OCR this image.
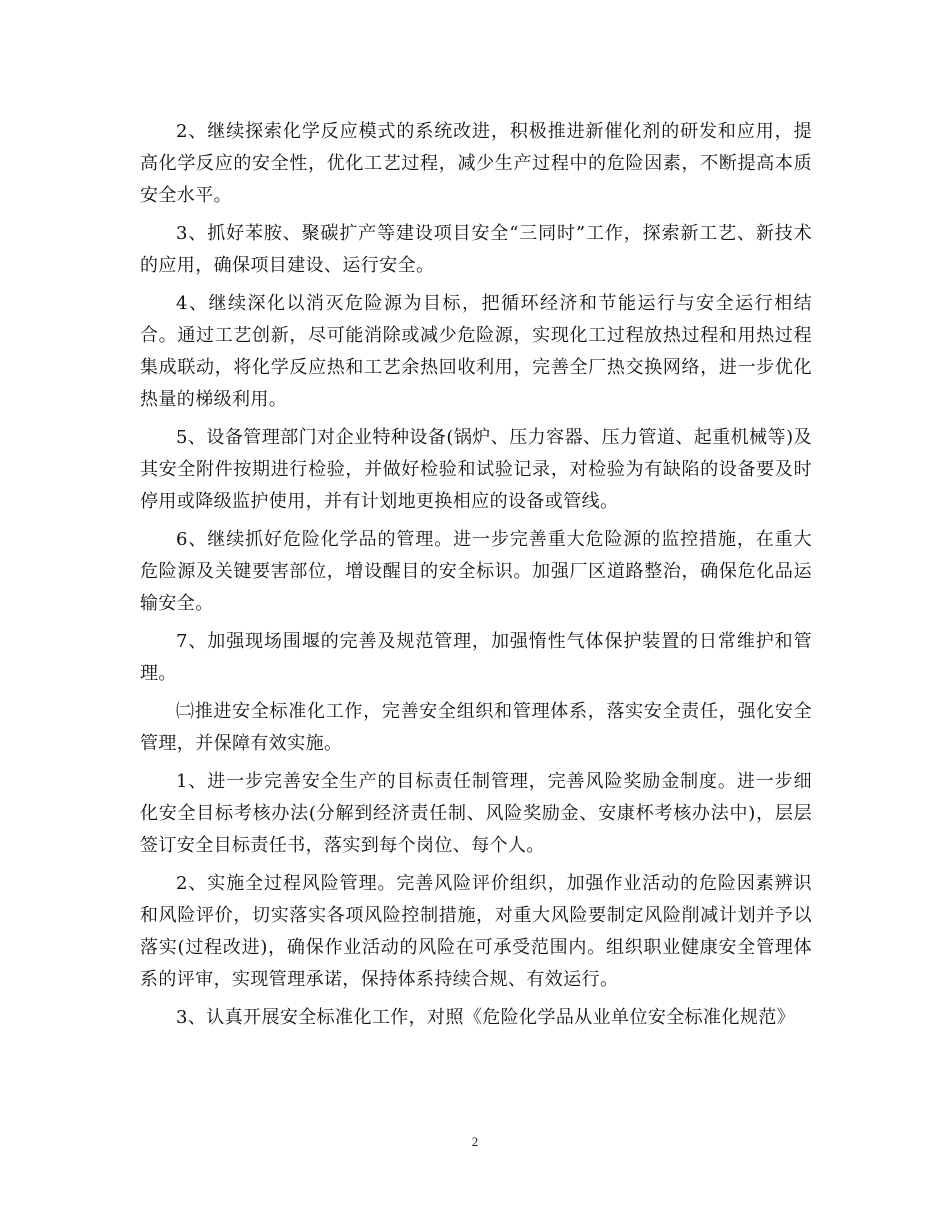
2、继续探索化学反应模式的系统改进，积极推进新催化剂的研发和应用，提高化学反应的安全性，优化工艺过程，减少生产过程中的危险因素，不断提高本质安全水平。

3、抓好苯胺、聚碳扩产等建设项目安全“三同时”工作，探索新工艺、新技术的应用，确保项目建设、运行安全。

4、继续深化以消灭危险源为目标，把循环经济和节能运行与安全运行相结合。通过工艺创新，尽可能消除或减少危险源，实现化工过程放热过程和用热过程集成联动，将化学反应热和工艺余热回收利用，完善全厂热交换网络，进一步优化热量的梯级利用。

5、设备管理部门对企业特种设备(锅炉、压力容器、压力管道、起重机械等)及其安全附件按期进行检验，并做好检验和试验记录，对检验为有缺陷的设备要及时停用或降级监护使用，并有计划地更换相应的设备或管线。

6、继续抓好危险化学品的管理。进一步完善重大危险源的监控措施，在重大危险源及关键要害部位，增设醒目的安全标识。加强厂区道路整治，确保危化品运输安全。

7、加强现场围堰的完善及规范管理，加强惰性气体保护装置的日常维护和管理。

㈡推进安全标准化工作，完善安全组织和管理体系，落实安全责任，强化安全管理，并保障有效实施。

1、进一步完善安全生产的目标责任制管理，完善风险奖励金制度。进一步细化安全目标考核办法(分解到经济责任制、风险奖励金、安康杯考核办法中)，层层签订安全目标责任书，落实到每个岗位、每个人。

2、实施全过程风险管理。完善风险评价组织，加强作业活动的危险因素辨识和风险评价，切实落实各项风险控制措施，对重大风险要制定风险削减计划并予以落实(过程改进)，确保作业活动的风险在可承受范围内。组织职业健康安全管理体系的评审，实现管理承诺，保持体系持续合规、有效运行。

3、认真开展安全标准化工作，对照《危险化学品从业单位安全标准化规范》

2
